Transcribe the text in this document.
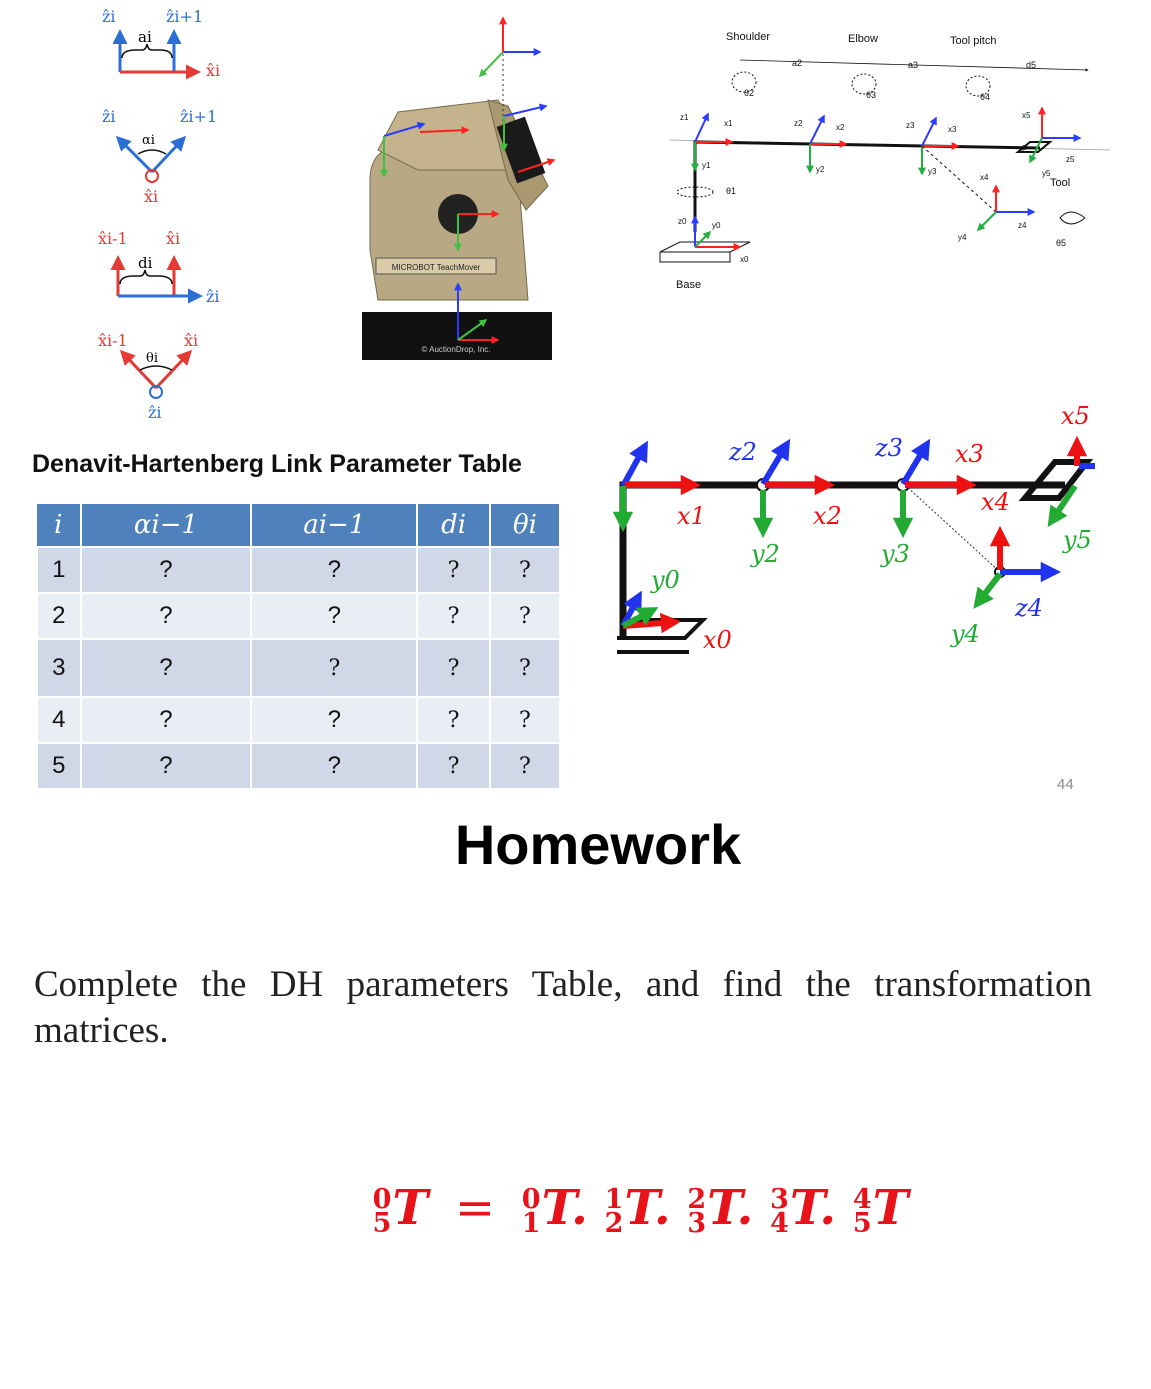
ẑi	ẑi+1
ai
x̂i
ẑi	ẑi+1
αi
x̂i
x̂i-1 x̂i
di
ẑi
x̂i-1	x̂i
θi
ẑi
© AuctionDrop, Inc.
MICROBOT TeachMover
Shoulder	Elbow	Tool pitch
Base
Tool
a2	d5
θ2	θ3	θ4
θ1
θ5
p
z0	y0
x0
z1
x1
y1
z2	x2
y2
z3	x3
y3
x4
y4
z4
x5
y5
z5
x0
y0
x1
z2
y2
x2
z3 x3
y3
x4
y4
z4
x5
y5
Denavit-Hartenberg Link Parameter Table
i	αi−1	ai−1	di	θi
1	?	?	?	?
2	?	?	?	?
3	?	?	?	?
4	?	?	?	?
5	?	?	?	?
44
Homework
Complete the DH parameters Table, and find the transformation matrices.
0
5 T = 0
1 T. 1
2 T. 2
3 T. 3
4 T. 4
5 T
